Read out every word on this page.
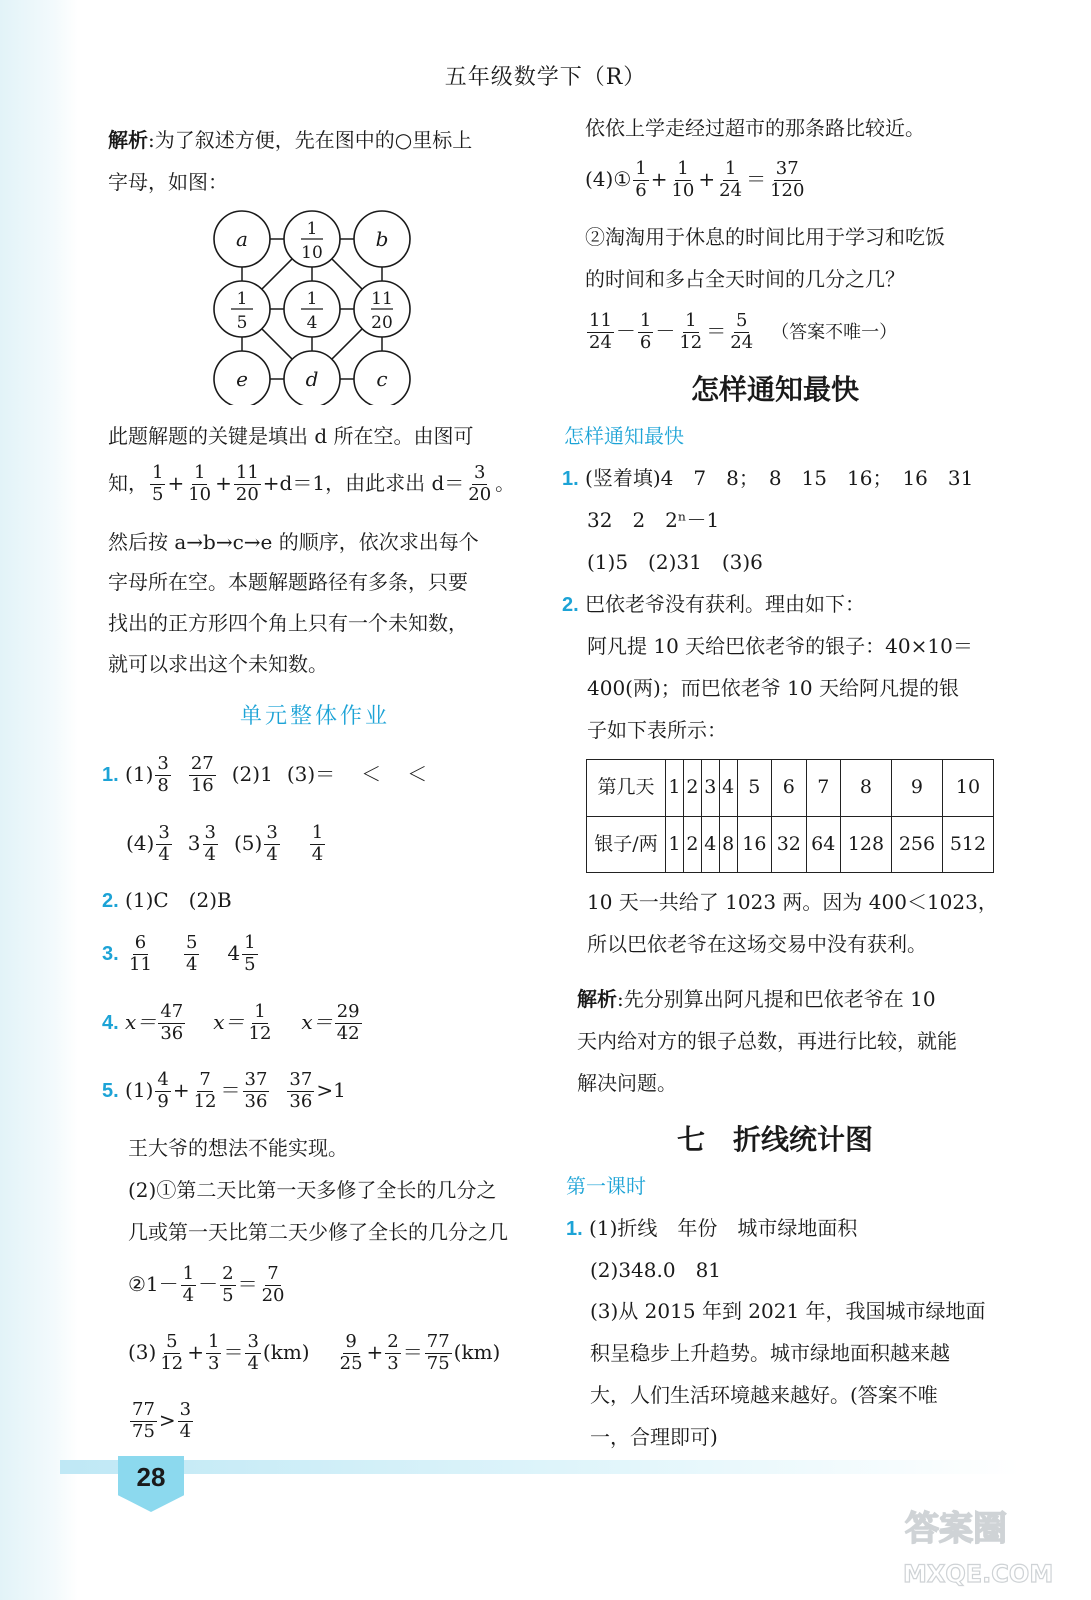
五年级数学下（R）
解析:为了叙述方便，先在图中的○里标上
字母，如图：
a	1
10
b
1
5
1
4
11
20
e	d	c
此题解题的关键是填出 d 所在空。由图可
知， $\frac{1}{5} + \frac{1}{10} + \frac{11}{20} +d=1$，由此求出 $d= \frac{3}{20}$ 。
然后按 a→b→c→e 的顺序，依次求出每个
字母所在空。本题解题路径有多条，只要
找出的正方形四个角上只有一个未知数，
就可以求出这个未知数。
单元整体作业
1. $(1) \frac{3}{8} \frac{27}{16} (2)1$ (3)＝ ＜ ＜
$(4) \frac{3}{4} 3 \frac{3}{4} (5) \frac{3}{4} \frac{1}{4}$
2. (1)C　(2)B
3. $\frac{6}{11} \frac{5}{4} 4 \frac{1}{5}$
4. $x= \frac{47}{36} x= \frac{1}{12} x= \frac{29}{42}$
5. $(1) \frac{4}{9} + \frac{7}{12} = \frac{37}{36} \frac{37}{36} >1$
王大爷的想法不能实现。
(2)①第二天比第一天多修了全长的几分之
几或第一天比第二天少修了全长的几分之几
②1－ $\frac{1}{4} - \frac{2}{5} = \frac{7}{20}$
$(3) \frac{5}{12} + \frac{1}{3} = \frac{3}{4} (km) \frac{9}{25} + \frac{2}{3} = \frac{77}{75} (km)$
$\frac{77}{75} > \frac{3}{4}$
依依上学走经过超市的那条路比较近。
(4)① $\frac{1}{6} + \frac{1}{10} + \frac{1}{24} = \frac{37}{120}$
②淘淘用于休息的时间比用于学习和吃饭
的时间和多占全天时间的几分之几？
$\frac{11}{24} - \frac{1}{6} - \frac{1}{12} = \frac{5}{24}$ （答案不唯一）
怎样通知最快
怎样通知最快
1. (竖着填)4　7　8；　8　15　16；　16　31
32　2　2ⁿ－1
(1)5　(2)31　(3)6
2. 巴依老爷没有获利。理由如下：
阿凡提 10 天给巴依老爷的银子：40×10＝
400(两)；而巴依老爷 10 天给阿凡提的银
子如下表所示：
第几天	1	2	3	4	5	6	7	8	9	10
银子/两	1	2	4	8	16	32	64	128	256	512
10 天一共给了 1023 两。因为 400＜1023，
所以巴依老爷在这场交易中没有获利。
解析:先分别算出阿凡提和巴依老爷在 10
天内给对方的银子总数，再进行比较，就能
解决问题。
七　折线统计图
第一课时
1. (1)折线　年份　城市绿地面积
(2)348.0　81
(3)从 2015 年到 2021 年，我国城市绿地面
积呈稳步上升趋势。城市绿地面积越来越
大，人们生活环境越来越好。(答案不唯
一，合理即可)
28
答案圈
MXQE.COM
